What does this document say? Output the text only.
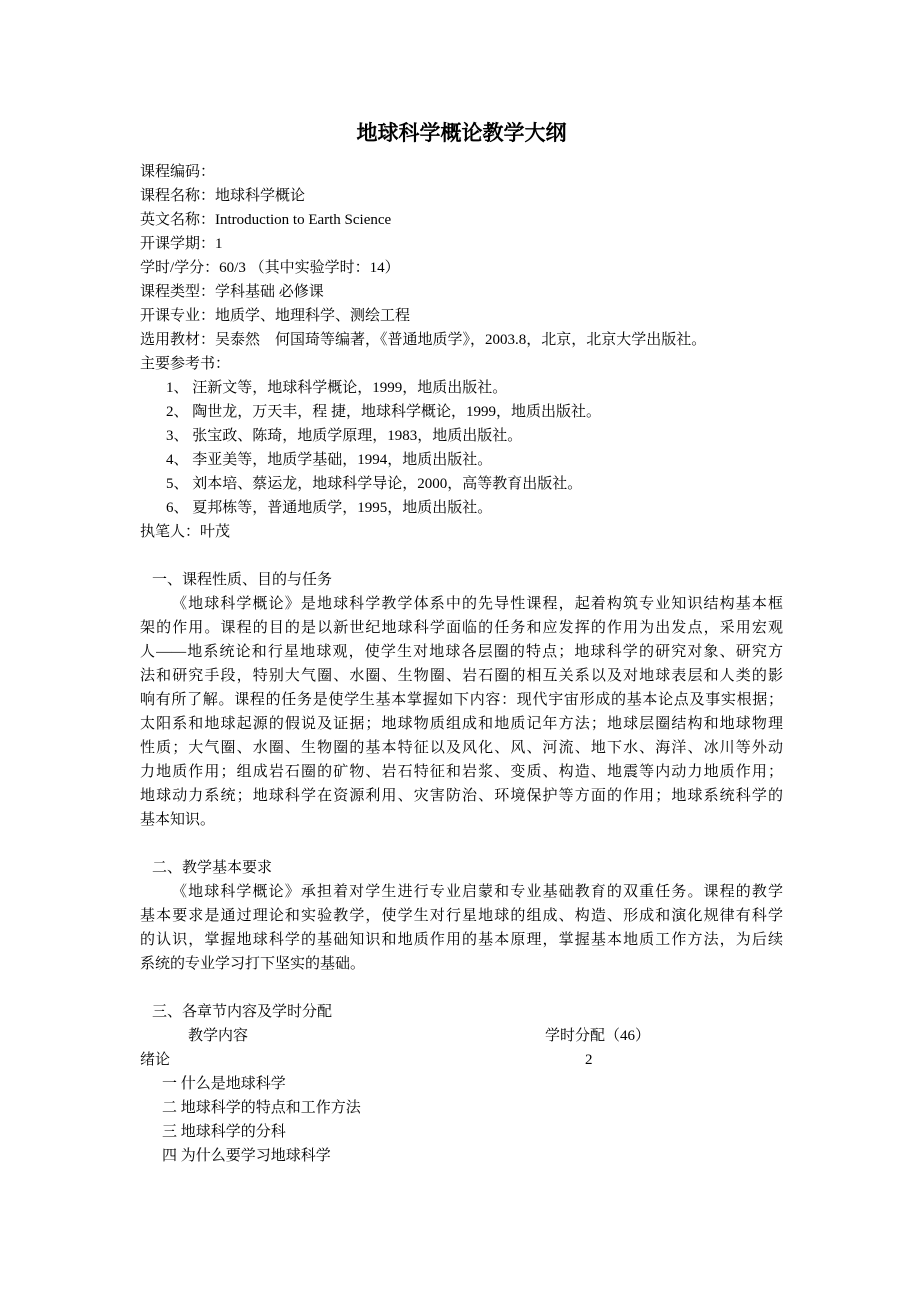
地球科学概论教学大纲
课程编码：
课程名称：地球科学概论
英文名称：Introduction to Earth Science
开课学期：1
学时/学分：60/3 （其中实验学时：14）
课程类型：学科基础 必修课
开课专业：地质学、地理科学、测绘工程
选用教材：吴泰然　何国琦等编著，《普通地质学》，2003.8，北京，北京大学出版社。
主要参考书：
1、 汪新文等，地球科学概论，1999，地质出版社。
2、 陶世龙，万天丰，程 捷，地球科学概论，1999，地质出版社。
3、 张宝政、陈琦，地质学原理，1983，地质出版社。
4、 李亚美等，地质学基础，1994，地质出版社。
5、 刘本培、蔡运龙，地球科学导论，2000，高等教育出版社。
6、 夏邦栋等，普通地质学，1995，地质出版社。
执笔人：叶茂
一、课程性质、目的与任务
《地球科学概论》是地球科学教学体系中的先导性课程，起着构筑专业知识结构基本框
架的作用。课程的目的是以新世纪地球科学面临的任务和应发挥的作用为出发点，采用宏观
人——地系统论和行星地球观，使学生对地球各层圈的特点；地球科学的研究对象、研究方
法和研究手段，特别大气圈、水圈、生物圈、岩石圈的相互关系以及对地球表层和人类的影
响有所了解。课程的任务是使学生基本掌握如下内容：现代宇宙形成的基本论点及事实根据；
太阳系和地球起源的假说及证据；地球物质组成和地质记年方法；地球层圈结构和地球物理
性质；大气圈、水圈、生物圈的基本特征以及风化、风、河流、地下水、海洋、冰川等外动
力地质作用；组成岩石圈的矿物、岩石特征和岩浆、变质、构造、地震等内动力地质作用；
地球动力系统；地球科学在资源利用、灾害防治、环境保护等方面的作用；地球系统科学的
基本知识。
二、教学基本要求
《地球科学概论》承担着对学生进行专业启蒙和专业基础教育的双重任务。课程的教学
基本要求是通过理论和实验教学，使学生对行星地球的组成、构造、形成和演化规律有科学
的认识，掌握地球科学的基础知识和地质作用的基本原理，掌握基本地质工作方法，为后续
系统的专业学习打下坚实的基础。
三、各章节内容及学时分配
教学内容	学时分配（46）
绪论	2
一 什么是地球科学
二 地球科学的特点和工作方法
三 地球科学的分科
四 为什么要学习地球科学
